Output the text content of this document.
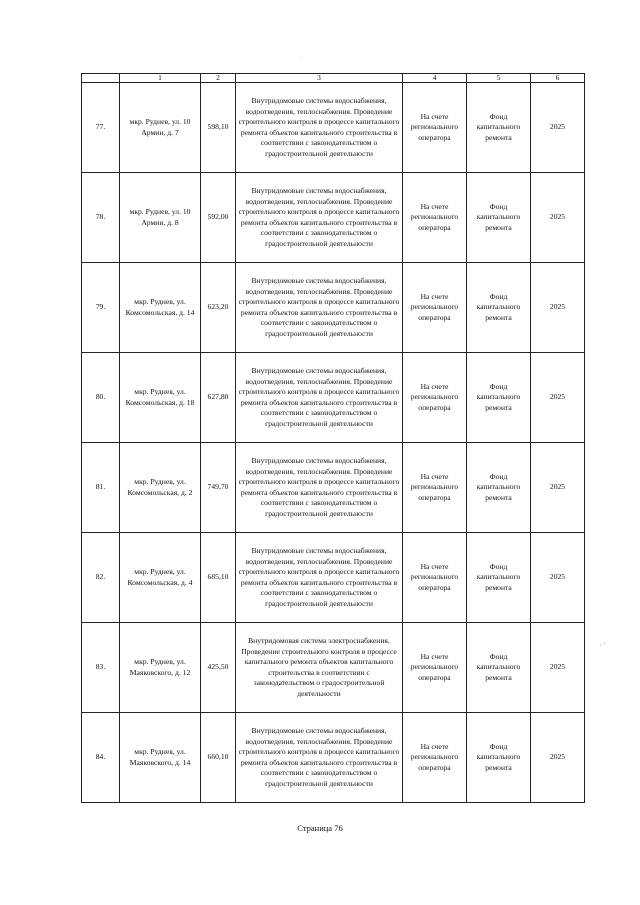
	1	2	3	4	5	6
77.	мкр. Руднев, ул. 10 Армии, д. 7	598,10	Внутридомовые системы водоснабжения, водоотведения, теплоснабжения. Проведение строительного контроля в процессе капитального ремонта объектов капитального строительства в соответствии с законодательством о градостроительной деятельности	На счете регионального оператора	Фонд капитального ремонта	2025
78.	мкр. Руднев, ул. 10 Армии, д. 8	592,00	Внутридомовые системы водоснабжения, водоотведения, теплоснабжения. Проведение строительного контроля в процессе капитального ремонта объектов капитального строительства в соответствии с законодательством о градостроительной деятельности	На счете регионального оператора	Фонд капитального ремонта	2025
79.	мкр. Руднев, ул. Комсомольская, д. 14	623,20	Внутридомовые системы водоснабжения, водоотведения, теплоснабжения. Проведение строительного контроля в процессе капитального ремонта объектов капитального строительства в соответствии с законодательством о градостроительной деятельности	На счете регионального оператора	Фонд капитального ремонта	2025
80.	мкр. Руднев, ул. Комсомольская, д. 18	627,80	Внутридомовые системы водоснабжения, водоотведения, теплоснабжения. Проведение строительного контроля в процессе капитального ремонта объектов капитального строительства в соответствии с законодательством о градостроительной деятельности	На счете регионального оператора	Фонд капитального ремонта	2025
81.	мкр. Руднев, ул. Комсомольская, д. 2	749,70	Внутридомовые системы водоснабжения, водоотведения, теплоснабжения. Проведение строительного контроля в процессе капитального ремонта объектов капитального строительства в соответствии с законодательством о градостроительной деятельности	На счете регионального оператора	Фонд капитального ремонта	2025
82.	мкр. Руднев, ул. Комсомольская, д. 4	685,10	Внутридомовые системы водоснабжения, водоотведения, теплоснабжения. Проведение строительного контроля в процессе капитального ремонта объектов капитального строительства в соответствии с законодательством о градостроительной деятельности	На счете регионального оператора	Фонд капитального ремонта	2025
83.	мкр. Руднев, ул. Маяковского, д. 12	425,50	Внутридомовая система электроснабжения. Проведение строительного контроля в процессе капитального ремонта объектов капитального строительства в соответствии с законодательством о градостроительной деятельности	На счете регионального оператора	Фонд капитального ремонта	2025
84.	мкр. Руднев, ул. Маяковского, д. 14	660,10	Внутридомовые системы водоснабжения, водоотведения, теплоснабжения. Проведение строительного контроля в процессе капитального ремонта объектов капитального строительства в соответствии с законодательством о градостроительной деятельности	На счете регионального оператора	Фонд капитального ремонта	2025
·
‚ ‑
Страница 76
